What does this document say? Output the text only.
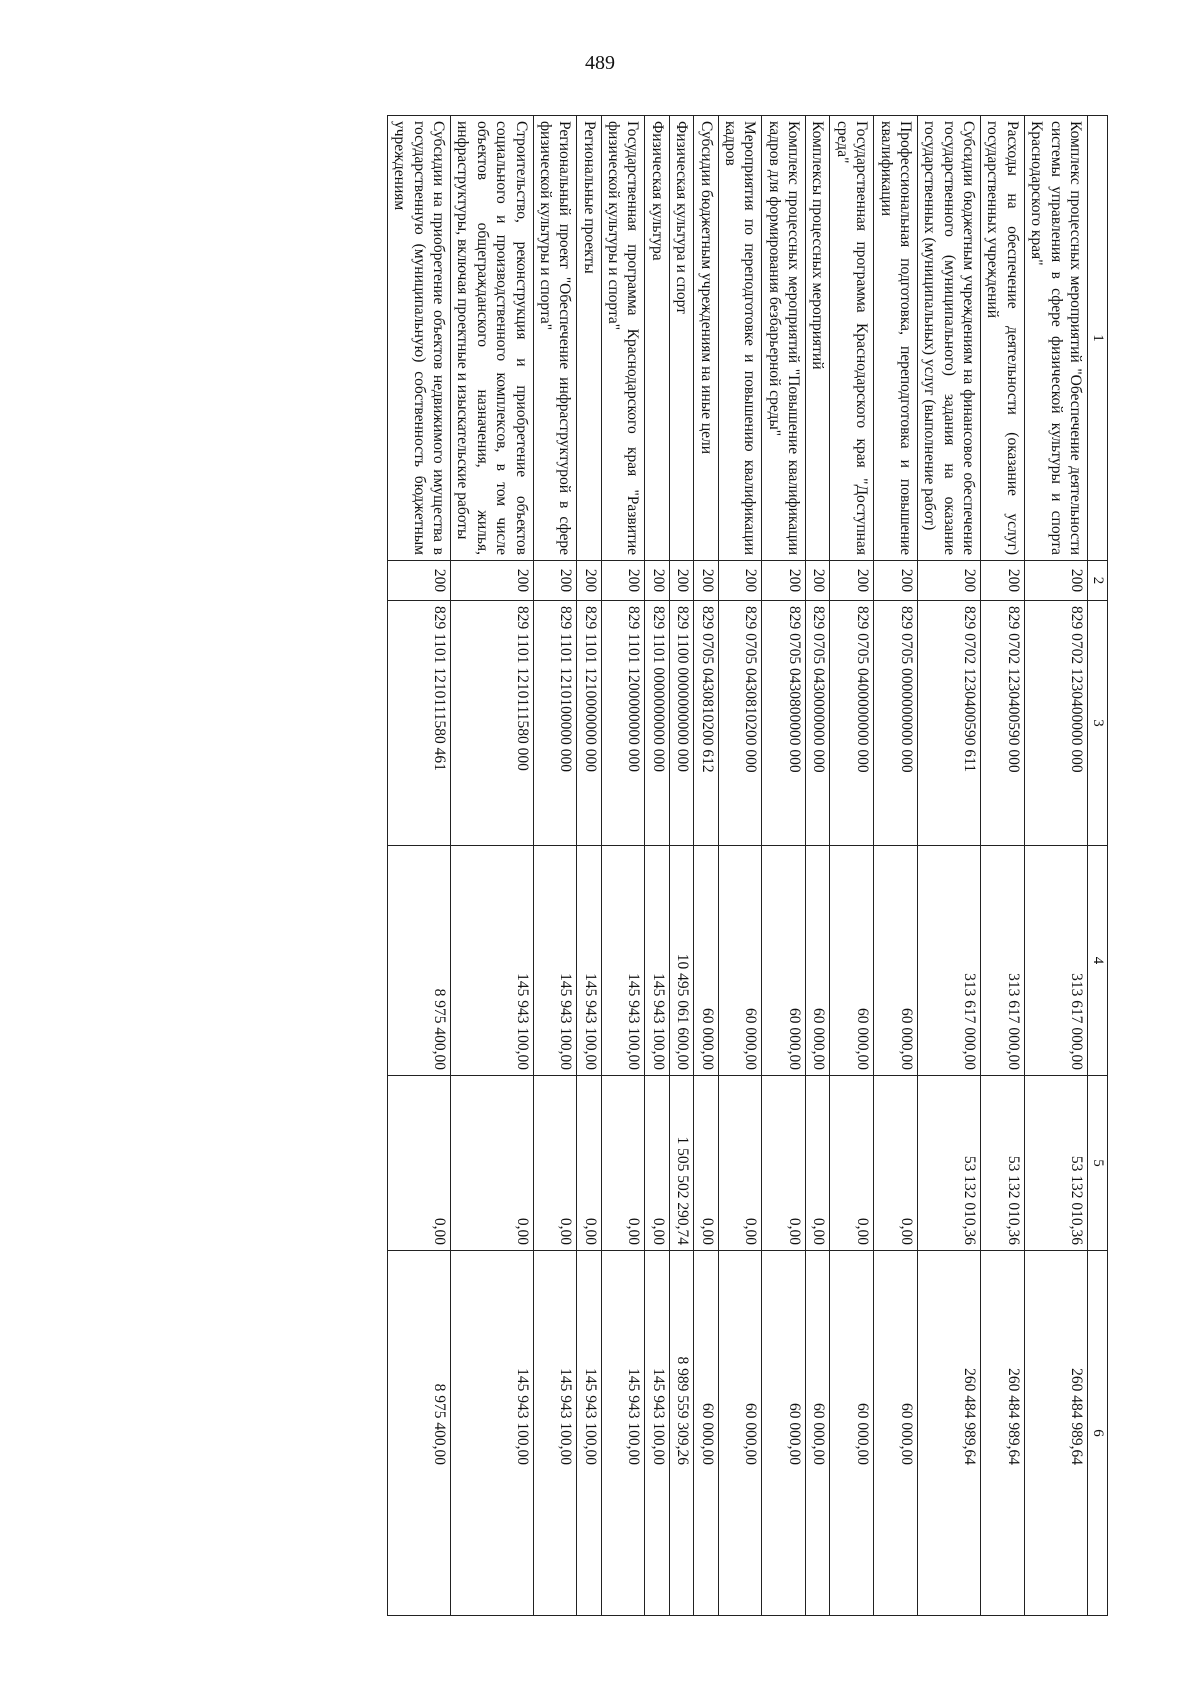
489
1	2	3	4	5	6
Комплекс процессных мероприятий "Обеспечение деятельности системы управления в сфере физической культуры и спорта Краснодарского края"	200	829 0702 1230400000 000	313 617 000,00	53 132 010,36	260 484 989,64
Расходы на обеспечение деятельности (оказание услуг) государственных учреждений	200	829 0702 1230400590 000	313 617 000,00	53 132 010,36	260 484 989,64
Субсидии бюджетным учреждениям на финансовое обеспечение государственного (муниципального) задания на оказание государственных (муниципальных) услуг (выполнение работ)	200	829 0702 1230400590 611	313 617 000,00	53 132 010,36	260 484 989,64
Профессиональная подготовка, переподготовка и повышение квалификации	200	829 0705 0000000000 000	60 000,00	0,00	60 000,00
Государственная программа Краснодарского края "Доступная среда"	200	829 0705 0400000000 000	60 000,00	0,00	60 000,00
Комплексы процессных мероприятий	200	829 0705 0430000000 000	60 000,00	0,00	60 000,00
Комплекс процессных мероприятий "Повышение квалификации кадров для формирования безбарьерной среды"	200	829 0705 0430800000 000	60 000,00	0,00	60 000,00
Мероприятия по переподготовке и повышению квалификации кадров	200	829 0705 0430810200 000	60 000,00	0,00	60 000,00
Субсидии бюджетным учреждениям на иные цели	200	829 0705 0430810200 612	60 000,00	0,00	60 000,00
Физическая культура и спорт	200	829 1100 0000000000 000	10 495 061 600,00	1 505 502 290,74	8 989 559 309,26
Физическая культура	200	829 1101 0000000000 000	145 943 100,00	0,00	145 943 100,00
Государственная программа Краснодарского края "Развитие физической культуры и спорта"	200	829 1101 1200000000 000	145 943 100,00	0,00	145 943 100,00
Региональные проекты	200	829 1101 1210000000 000	145 943 100,00	0,00	145 943 100,00
Региональный проект "Обеспечение инфраструктурой в сфере физической культуры и спорта"	200	829 1101 1210100000 000	145 943 100,00	0,00	145 943 100,00
Строительство, реконструкция и приобретение объектов социального и производственного комплексов, в том числе объектов общегражданского назначения, жилья, инфраструктуры, включая проектные и изыскательские работы	200	829 1101 1210111580 000	145 943 100,00	0,00	145 943 100,00
Субсидии на приобретение объектов недвижимого имущества в государственную (муниципальную) собственность бюджетным учреждениям	200	829 1101 1210111580 461	8 975 400,00	0,00	8 975 400,00
